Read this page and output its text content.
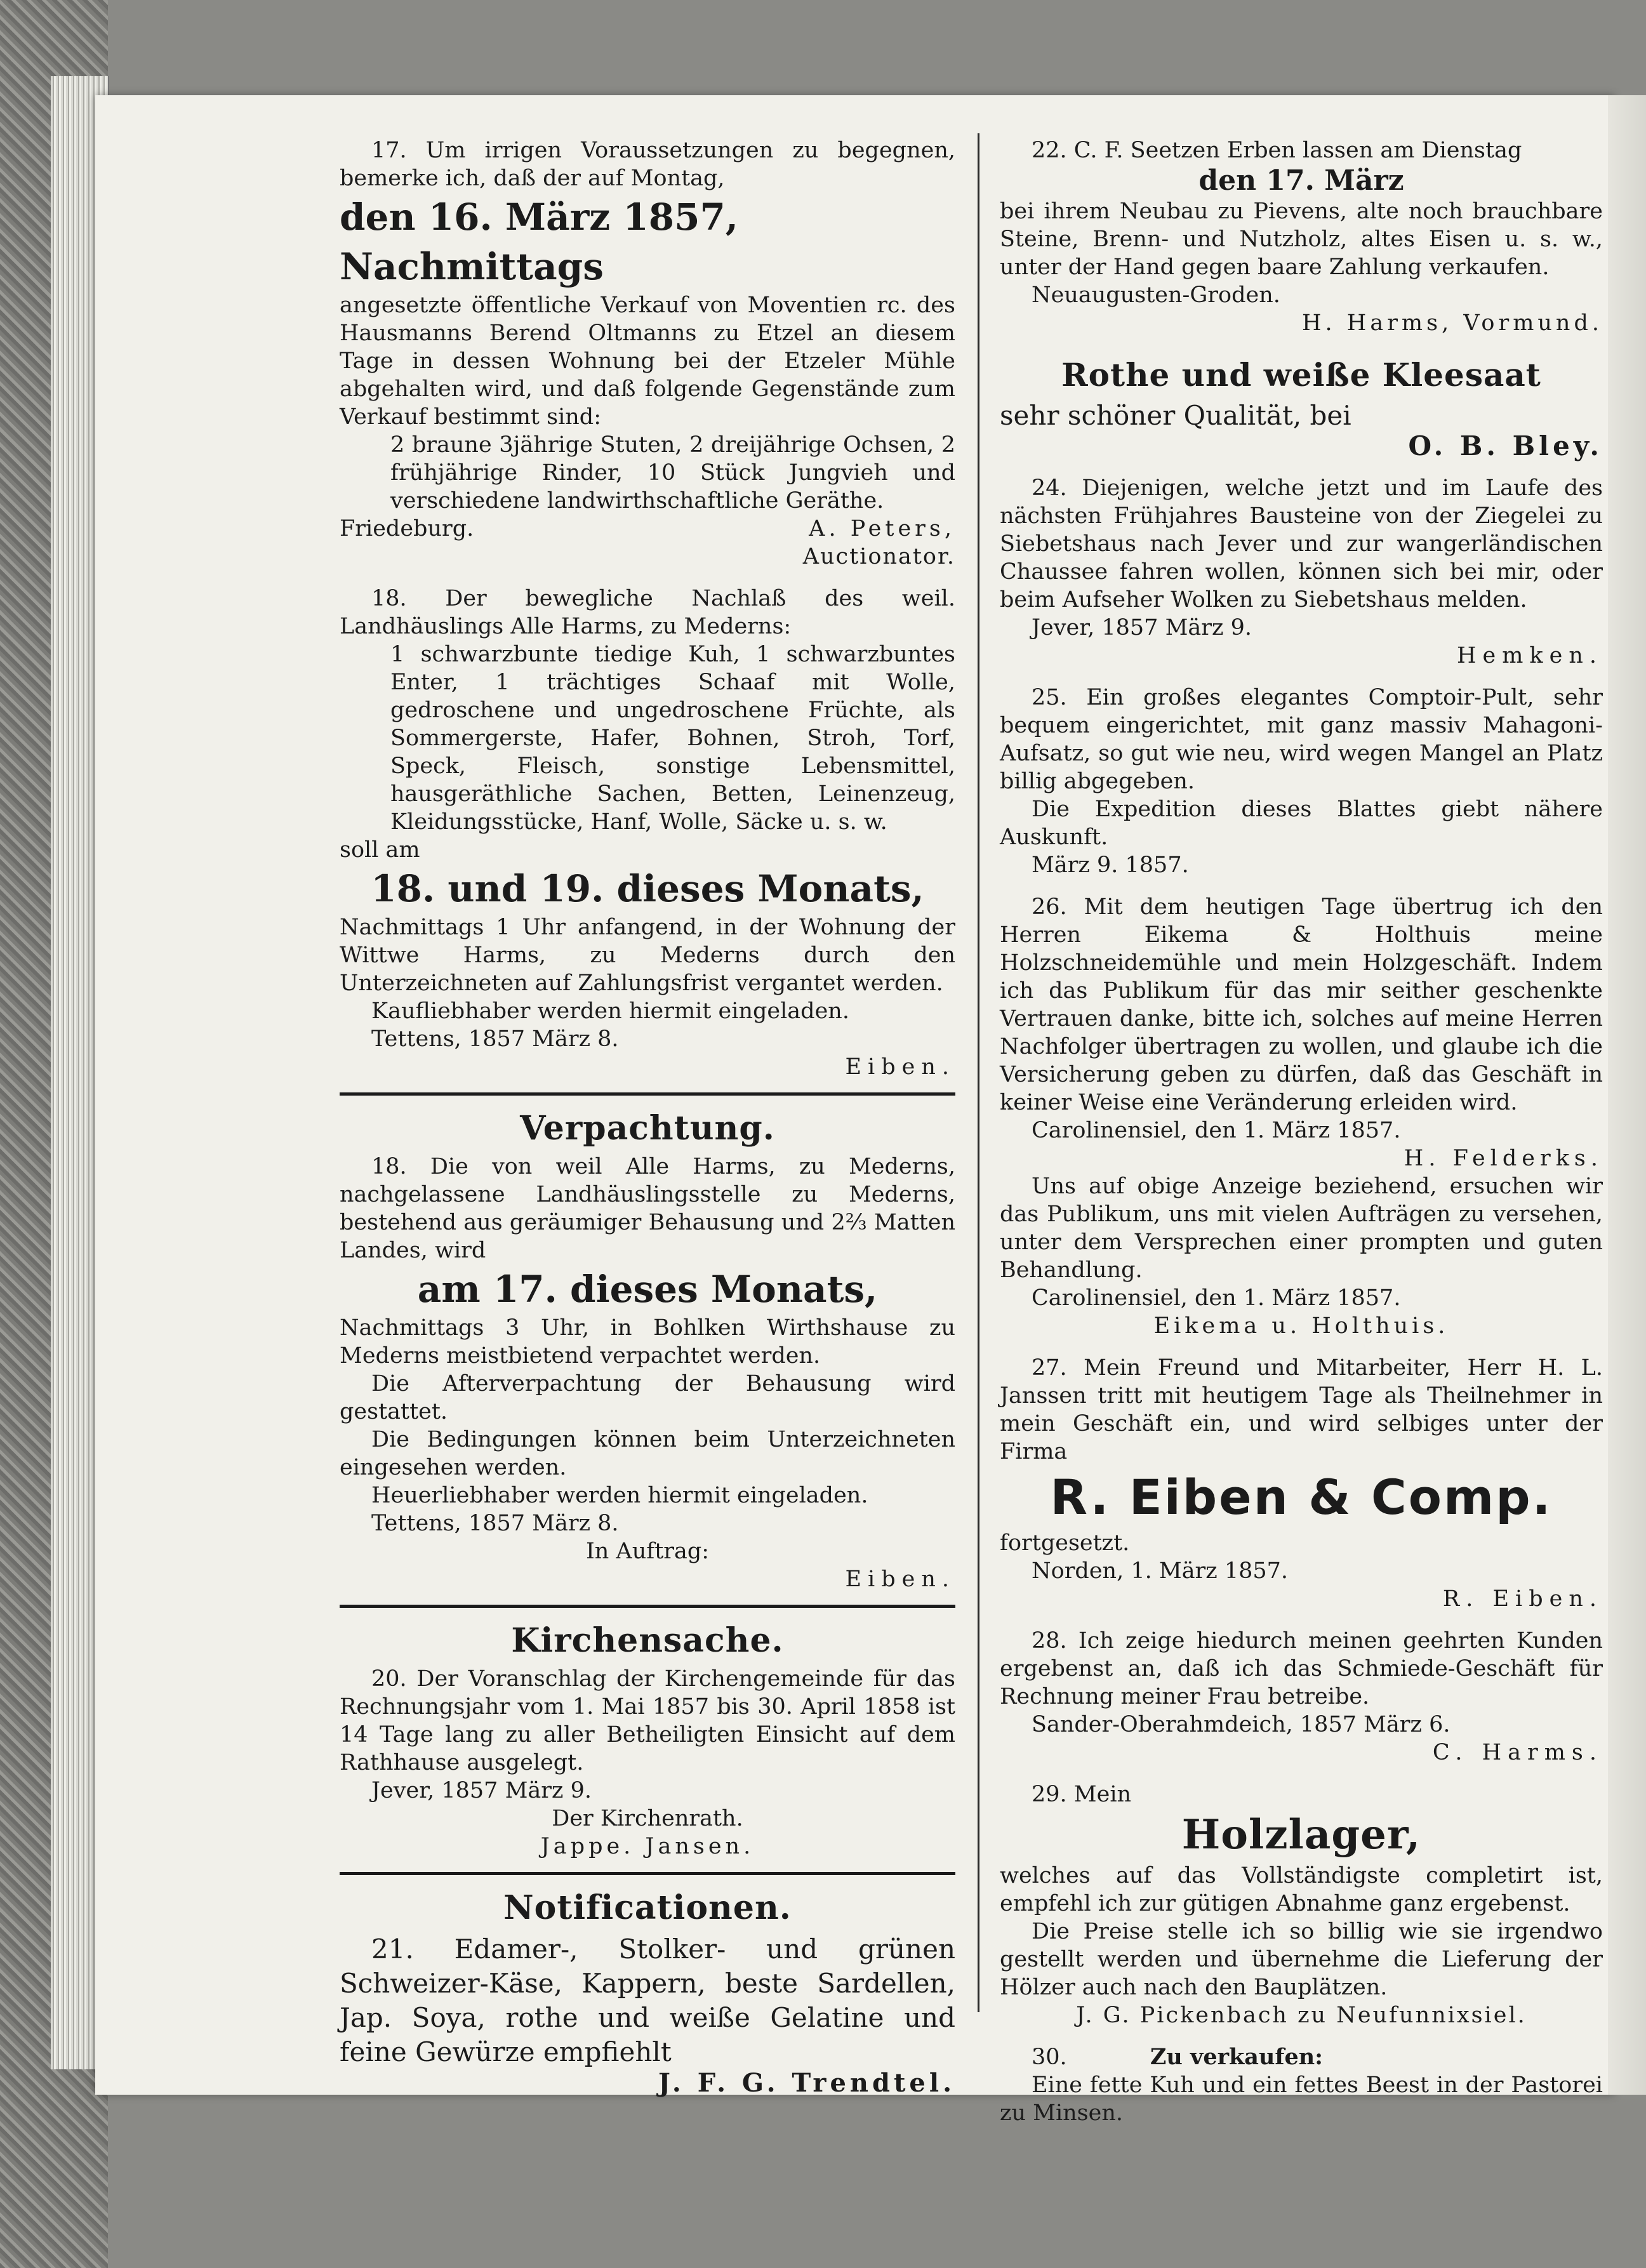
17. Um irrigen Voraussetzungen zu begegnen, bemerke ich, daß der auf Montag,

den 16. März 1857, Nachmittags

angesetzte öffentliche Verkauf von Moventien rc. des Hausmanns Berend Oltmanns zu Etzel an diesem Tage in dessen Wohnung bei der Etzeler Mühle abgehalten wird, und daß folgende Gegenstände zum Verkauf bestimmt sind:

2 braune 3jährige Stuten, 2 dreijährige Ochsen, 2 frühjährige Rinder, 10 Stück Jungvieh und verschiedene landwirthschaftliche Geräthe.

Friedeburg.	A. Peters,

Auctionator.

18. Der bewegliche Nachlaß des weil. Landhäuslings Alle Harms, zu Mederns:

1 schwarzbunte tiedige Kuh, 1 schwarzbuntes Enter, 1 trächtiges Schaaf mit Wolle, gedroschene und ungedroschene Früchte, als Sommergerste, Hafer, Bohnen, Stroh, Torf, Speck, Fleisch, sonstige Lebensmittel, hausgeräthliche Sachen, Betten, Leinenzeug, Kleidungsstücke, Hanf, Wolle, Säcke u. s. w.

soll am

18. und 19. dieses Monats,

Nachmittags 1 Uhr anfangend, in der Wohnung der Wittwe Harms, zu Mederns durch den Unterzeichneten auf Zahlungsfrist vergantet werden.

Kaufliebhaber werden hiermit eingeladen.

Tettens, 1857 März 8.

Eiben.

Verpachtung.

18. Die von weil Alle Harms, zu Mederns, nachgelassene Landhäuslingsstelle zu Mederns, bestehend aus geräumiger Behausung und 2⅔ Matten Landes, wird

am 17. dieses Monats,

Nachmittags 3 Uhr, in Bohlken Wirthshause zu Mederns meistbietend verpachtet werden.

Die Afterverpachtung der Behausung wird gestattet.

Die Bedingungen können beim Unterzeichneten eingesehen werden.

Heuerliebhaber werden hiermit eingeladen.

Tettens, 1857 März 8.

In Auftrag:

Eiben.

Kirchensache.

20. Der Voranschlag der Kirchengemeinde für das Rechnungsjahr vom 1. Mai 1857 bis 30. April 1858 ist 14 Tage lang zu aller Betheiligten Einsicht auf dem Rathhause ausgelegt.

Jever, 1857 März 9.

Der Kirchenrath.

Jappe. Jansen.

Notificationen.

21. Edamer-, Stolker- und grünen Schweizer-Käse, Kappern, beste Sardellen, Jap. Soya, rothe und weiße Gelatine und feine Gewürze empfiehlt

J. F. G. Trendtel.

22. C. F. Seetzen Erben lassen am Dienstag

den 17. März

bei ihrem Neubau zu Pievens, alte noch brauchbare Steine, Brenn- und Nutzholz, altes Eisen u. s. w., unter der Hand gegen baare Zahlung verkaufen.

Neuaugusten-Groden.

H. Harms, Vormund.

Rothe und weiße Kleesaat

sehr schöner Qualität, bei

O. B. Bley.

24. Diejenigen, welche jetzt und im Laufe des nächsten Frühjahres Bausteine von der Ziegelei zu Siebetshaus nach Jever und zur wangerländischen Chaussee fahren wollen, können sich bei mir, oder beim Aufseher Wolken zu Siebetshaus melden.

Jever, 1857 März 9.

Hemken.

25. Ein großes elegantes Comptoir-Pult, sehr bequem eingerichtet, mit ganz massiv Mahagoni-Aufsatz, so gut wie neu, wird wegen Mangel an Platz billig abgegeben.

Die Expedition dieses Blattes giebt nähere Auskunft.

März 9. 1857.

26. Mit dem heutigen Tage übertrug ich den Herren Eikema & Holthuis meine Holzschneidemühle und mein Holzgeschäft. Indem ich das Publikum für das mir seither geschenkte Vertrauen danke, bitte ich, solches auf meine Herren Nachfolger übertragen zu wollen, und glaube ich die Versicherung geben zu dürfen, daß das Geschäft in keiner Weise eine Veränderung erleiden wird.

Carolinensiel, den 1. März 1857.

H. Felderks.

Uns auf obige Anzeige beziehend, ersuchen wir das Publikum, uns mit vielen Aufträgen zu versehen, unter dem Versprechen einer prompten und guten Behandlung.

Carolinensiel, den 1. März 1857.

Eikema u. Holthuis.

27. Mein Freund und Mitarbeiter, Herr H. L. Janssen tritt mit heutigem Tage als Theilnehmer in mein Geschäft ein, und wird selbiges unter der Firma

R. Eiben & Comp.

fortgesetzt.

Norden, 1. März 1857.

R. Eiben.

28. Ich zeige hiedurch meinen geehrten Kunden ergebenst an, daß ich das Schmiede-Geschäft für Rechnung meiner Frau betreibe.

Sander-Oberahmdeich, 1857 März 6.

C. Harms.

29. Mein

Holzlager,

welches auf das Vollständigste completirt ist, empfehl ich zur gütigen Abnahme ganz ergebenst.

Die Preise stelle ich so billig wie sie irgendwo gestellt werden und übernehme die Lieferung der Hölzer auch nach den Bauplätzen.

J. G. Pickenbach zu Neufunnixsiel.

30.	Zu verkaufen:

Eine fette Kuh und ein fettes Beest in der Pastorei zu Minsen.
